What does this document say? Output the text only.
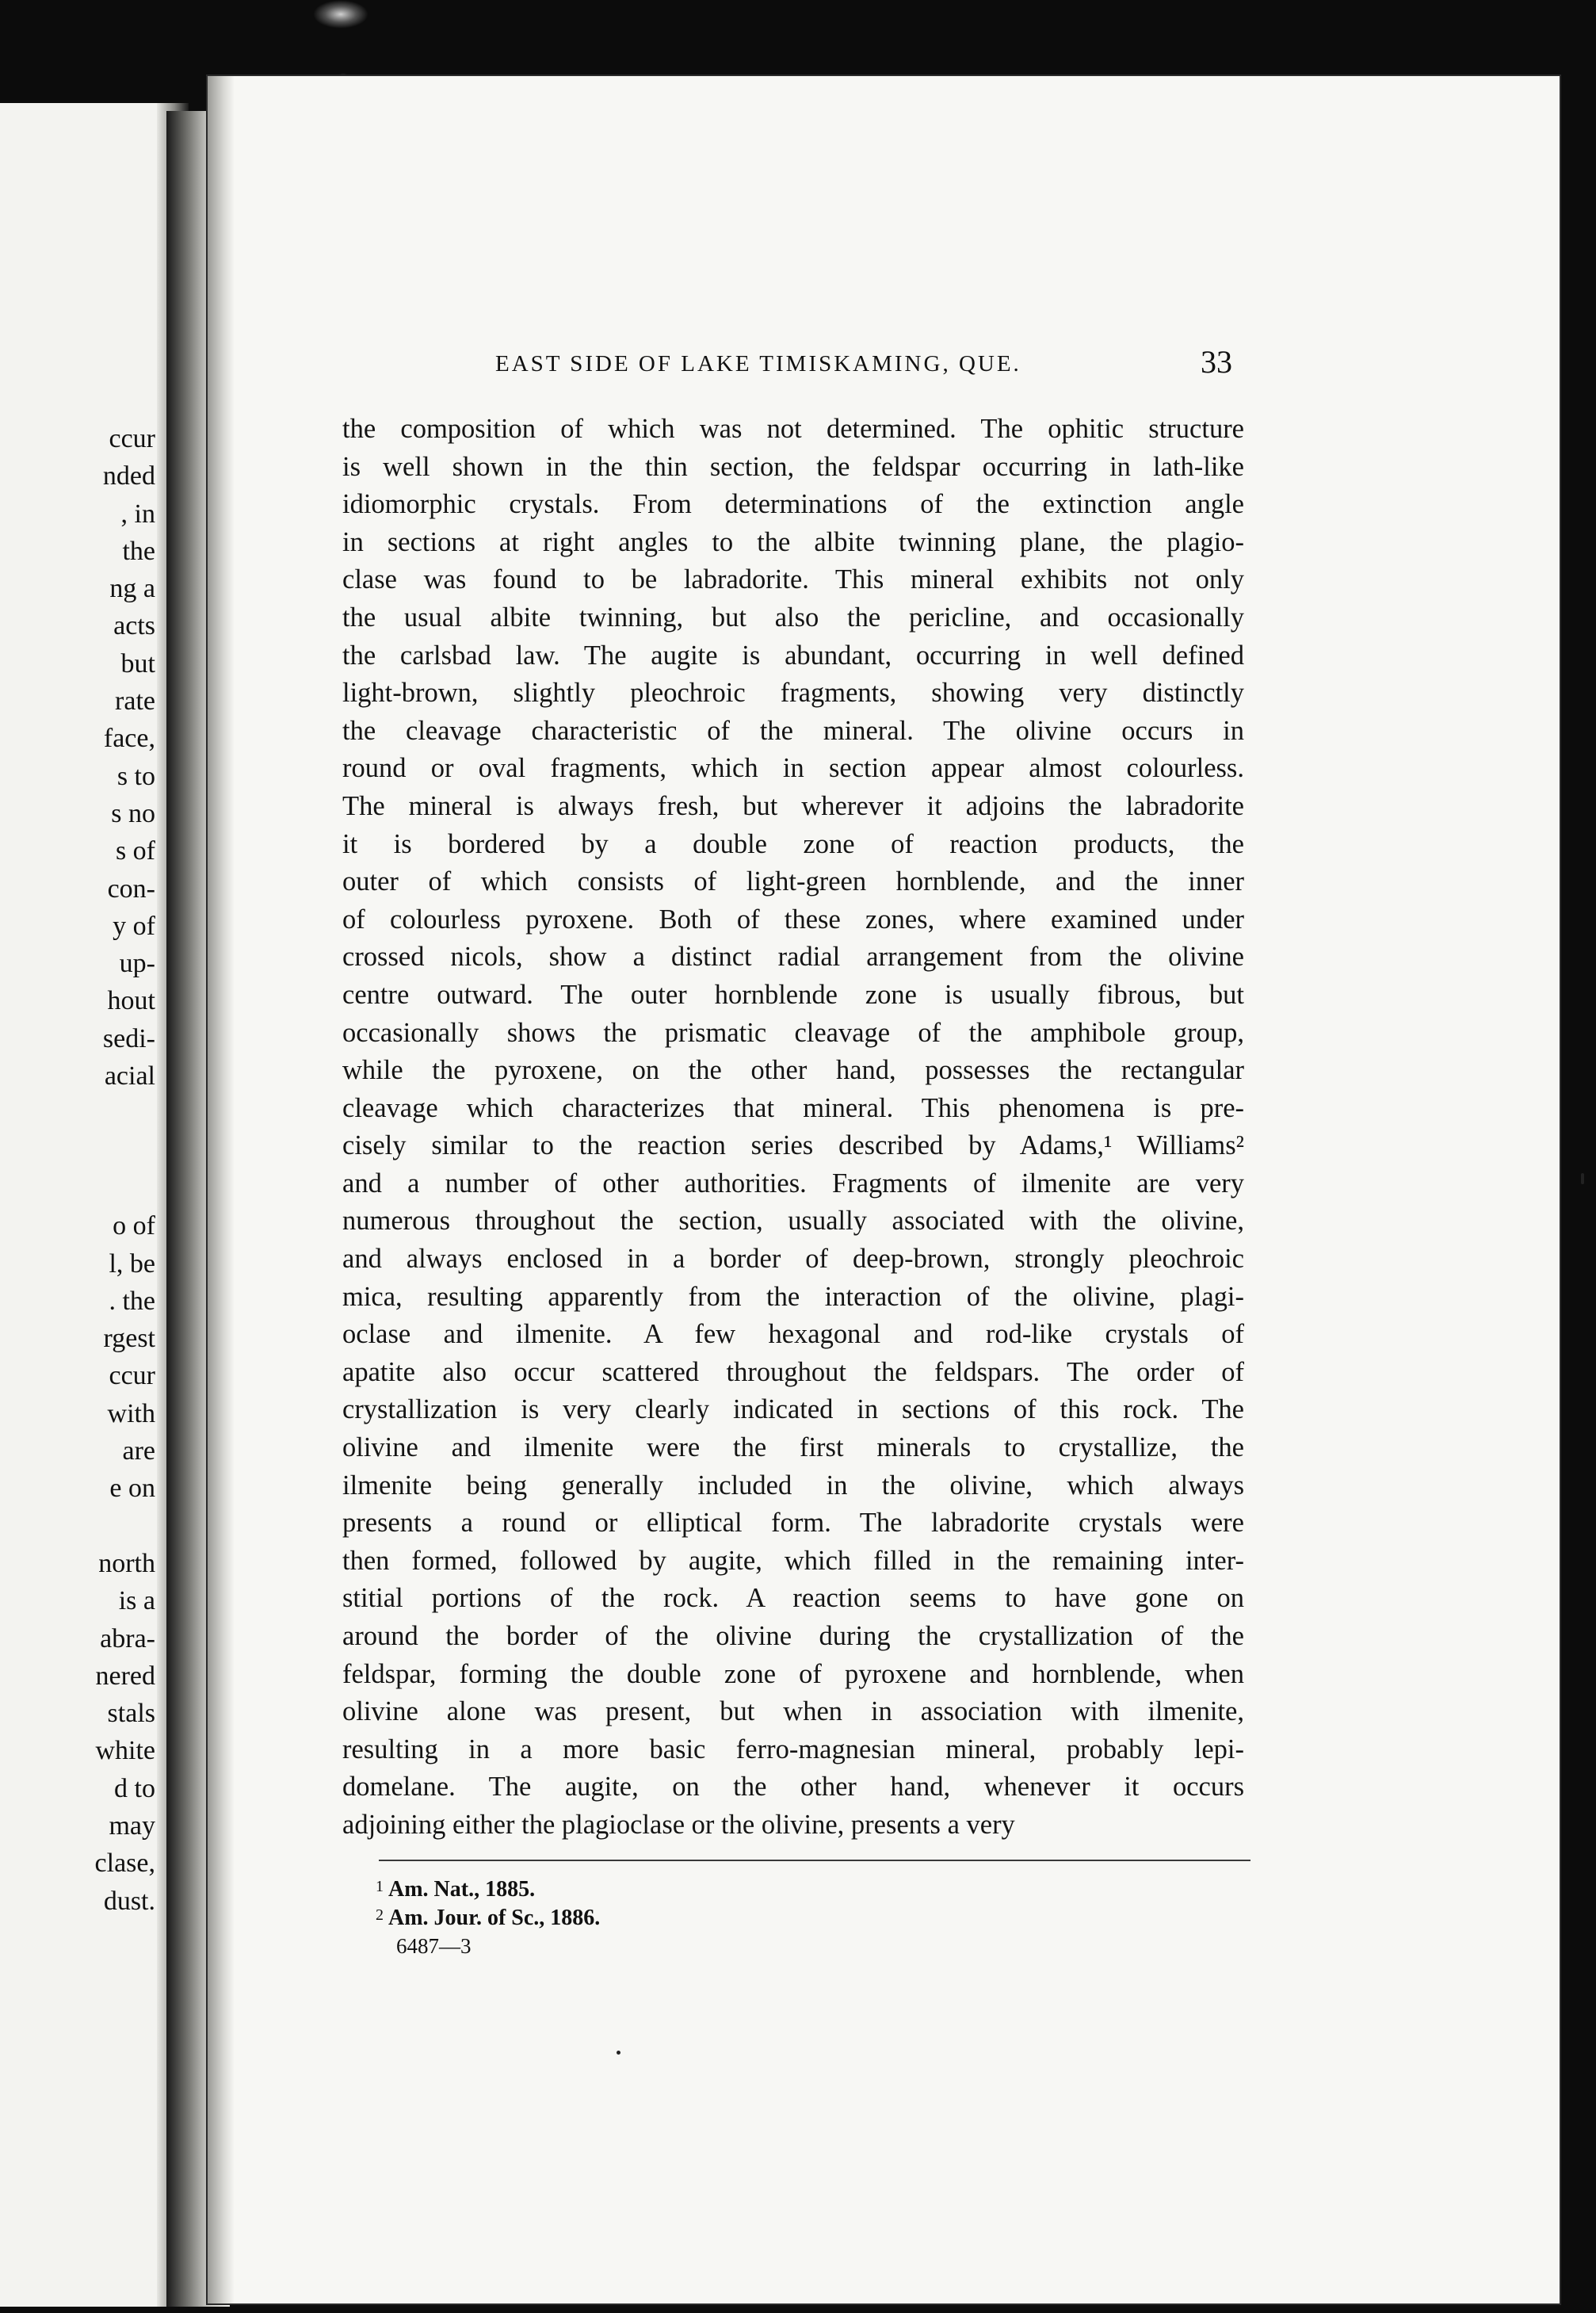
ccur
nded
, in
the
ng a
acts
but
rate
face,
s to
s no
s of
con-
y of
up-
hout
sedi-
acial
o of
l, be
. the
rgest
ccur
with
are
e on
north
is a
abra-
nered
stals
white
d to
may
clase,
dust.
EAST SIDE OF LAKE TIMISKAMING, QUE.	33
the composition of which was not determined. The ophitic structure
is well shown in the thin section, the feldspar occurring in lath-like
idiomorphic crystals. From determinations of the extinction angle
in sections at right angles to the albite twinning plane, the plagio-
clase was found to be labradorite. This mineral exhibits not only
the usual albite twinning, but also the pericline, and occasionally
the carlsbad law. The augite is abundant, occurring in well defined
light-brown, slightly pleochroic fragments, showing very distinctly
the cleavage characteristic of the mineral. The olivine occurs in
round or oval fragments, which in section appear almost colourless.
The mineral is always fresh, but wherever it adjoins the labradorite
it is bordered by a double zone of reaction products, the
outer of which consists of light-green hornblende, and the inner
of colourless pyroxene. Both of these zones, where examined under
crossed nicols, show a distinct radial arrangement from the olivine
centre outward. The outer hornblende zone is usually fibrous, but
occasionally shows the prismatic cleavage of the amphibole group,
while the pyroxene, on the other hand, possesses the rectangular
cleavage which characterizes that mineral. This phenomena is pre-
cisely similar to the reaction series described by Adams,¹ Williams²
and a number of other authorities. Fragments of ilmenite are very
numerous throughout the section, usually associated with the olivine,
and always enclosed in a border of deep-brown, strongly pleochroic
mica, resulting apparently from the interaction of the olivine, plagi-
oclase and ilmenite. A few hexagonal and rod-like crystals of
apatite also occur scattered throughout the feldspars. The order of
crystallization is very clearly indicated in sections of this rock. The
olivine and ilmenite were the first minerals to crystallize, the
ilmenite being generally included in the olivine, which always
presents a round or elliptical form. The labradorite crystals were
then formed, followed by augite, which filled in the remaining inter-
stitial portions of the rock. A reaction seems to have gone on
around the border of the olivine during the crystallization of the
feldspar, forming the double zone of pyroxene and hornblende, when
olivine alone was present, but when in association with ilmenite,
resulting in a more basic ferro-magnesian mineral, probably lepi-
domelane. The augite, on the other hand, whenever it occurs
adjoining either the plagioclase or the olivine, presents a very
$^1$ Am. Nat., 1885.
$^2$ Am. Jour. of Sc., 1886.
6487—3
